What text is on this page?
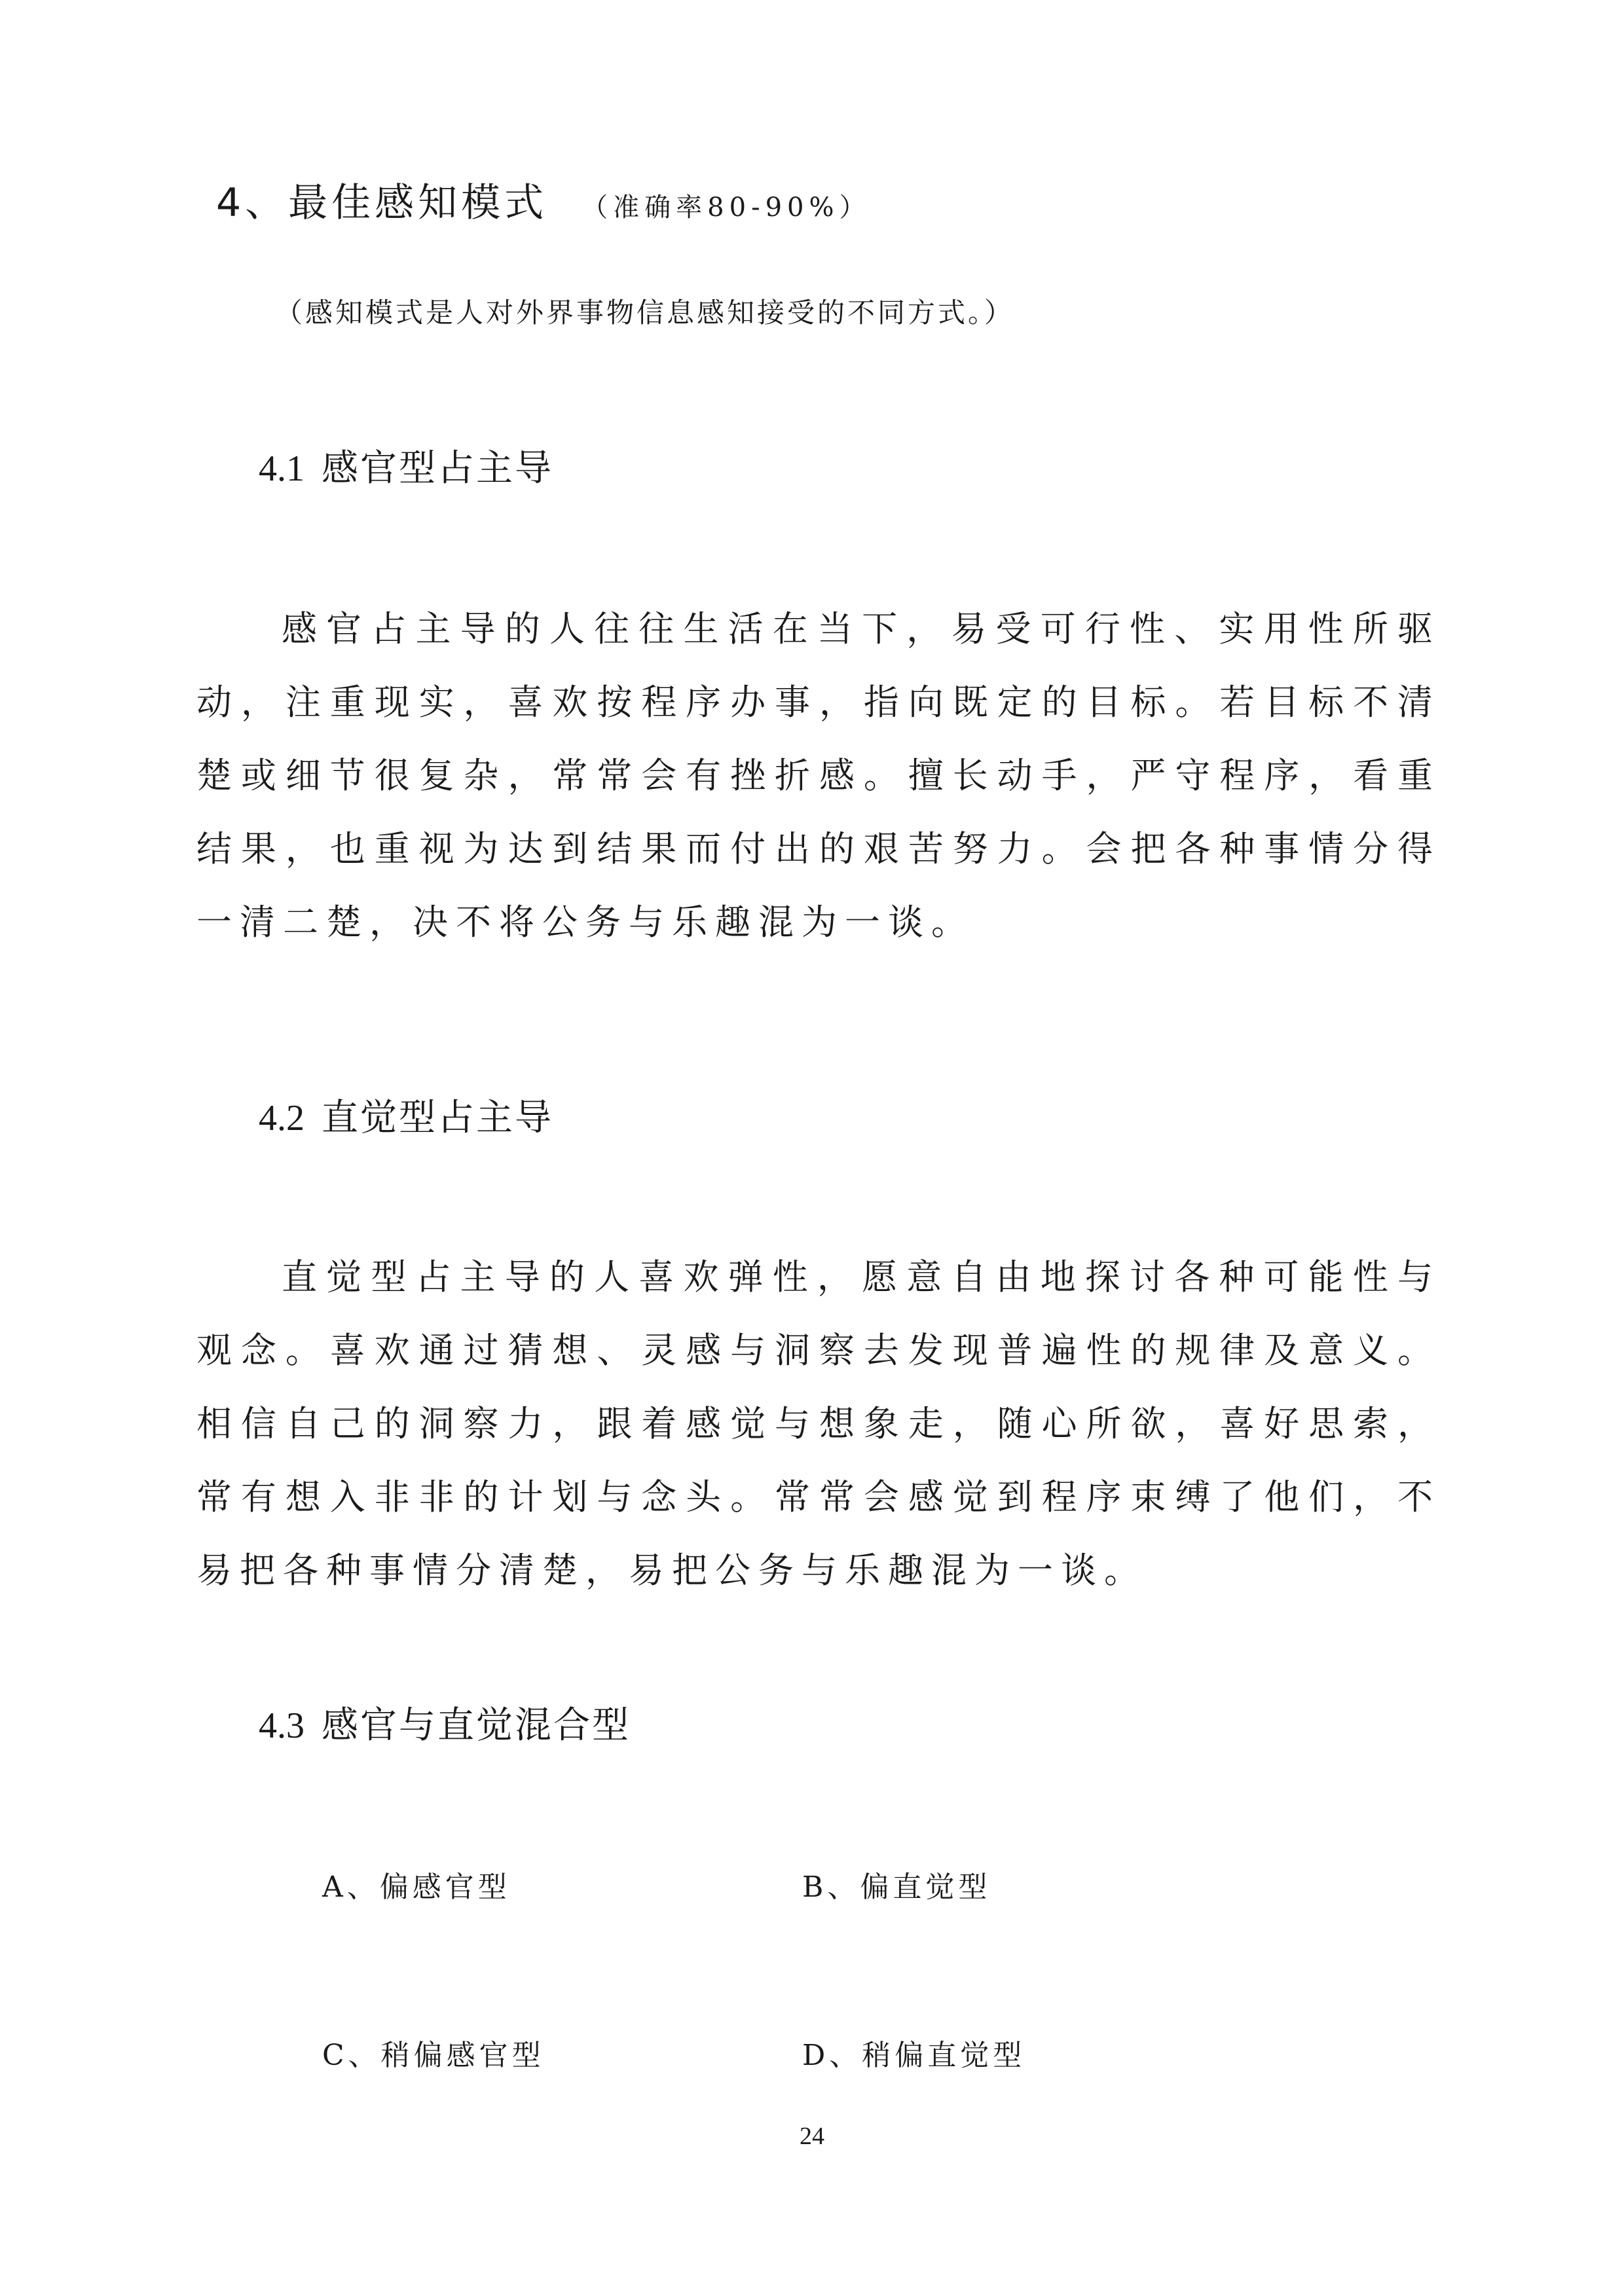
4、最佳感知模式 （准确率80-90%）
（感知模式是人对外界事物信息感知接受的不同方式。）
4.1 感官型占主导

感官占主导的人往往生活在当下，易受可行性、实用性所驱动，注重现实，喜欢按程序办事，指向既定的目标。若目标不清楚或细节很复杂，常常会有挫折感。擅长动手，严守程序，看重结果，也重视为达到结果而付出的艰苦努力。会把各种事情分得一清二楚，决不将公务与乐趣混为一谈。

4.2 直觉型占主导

直觉型占主导的人喜欢弹性，愿意自由地探讨各种可能性与观念。喜欢通过猜想、灵感与洞察去发现普遍性的规律及意义。相信自己的洞察力，跟着感觉与想象走，随心所欲，喜好思索，常有想入非非的计划与念头。常常会感觉到程序束缚了他们，不易把各种事情分清楚，易把公务与乐趣混为一谈。

4.3 感官与直觉混合型
A、偏感官型	B、偏直觉型
C、稍偏感官型	D、稍偏直觉型
24
